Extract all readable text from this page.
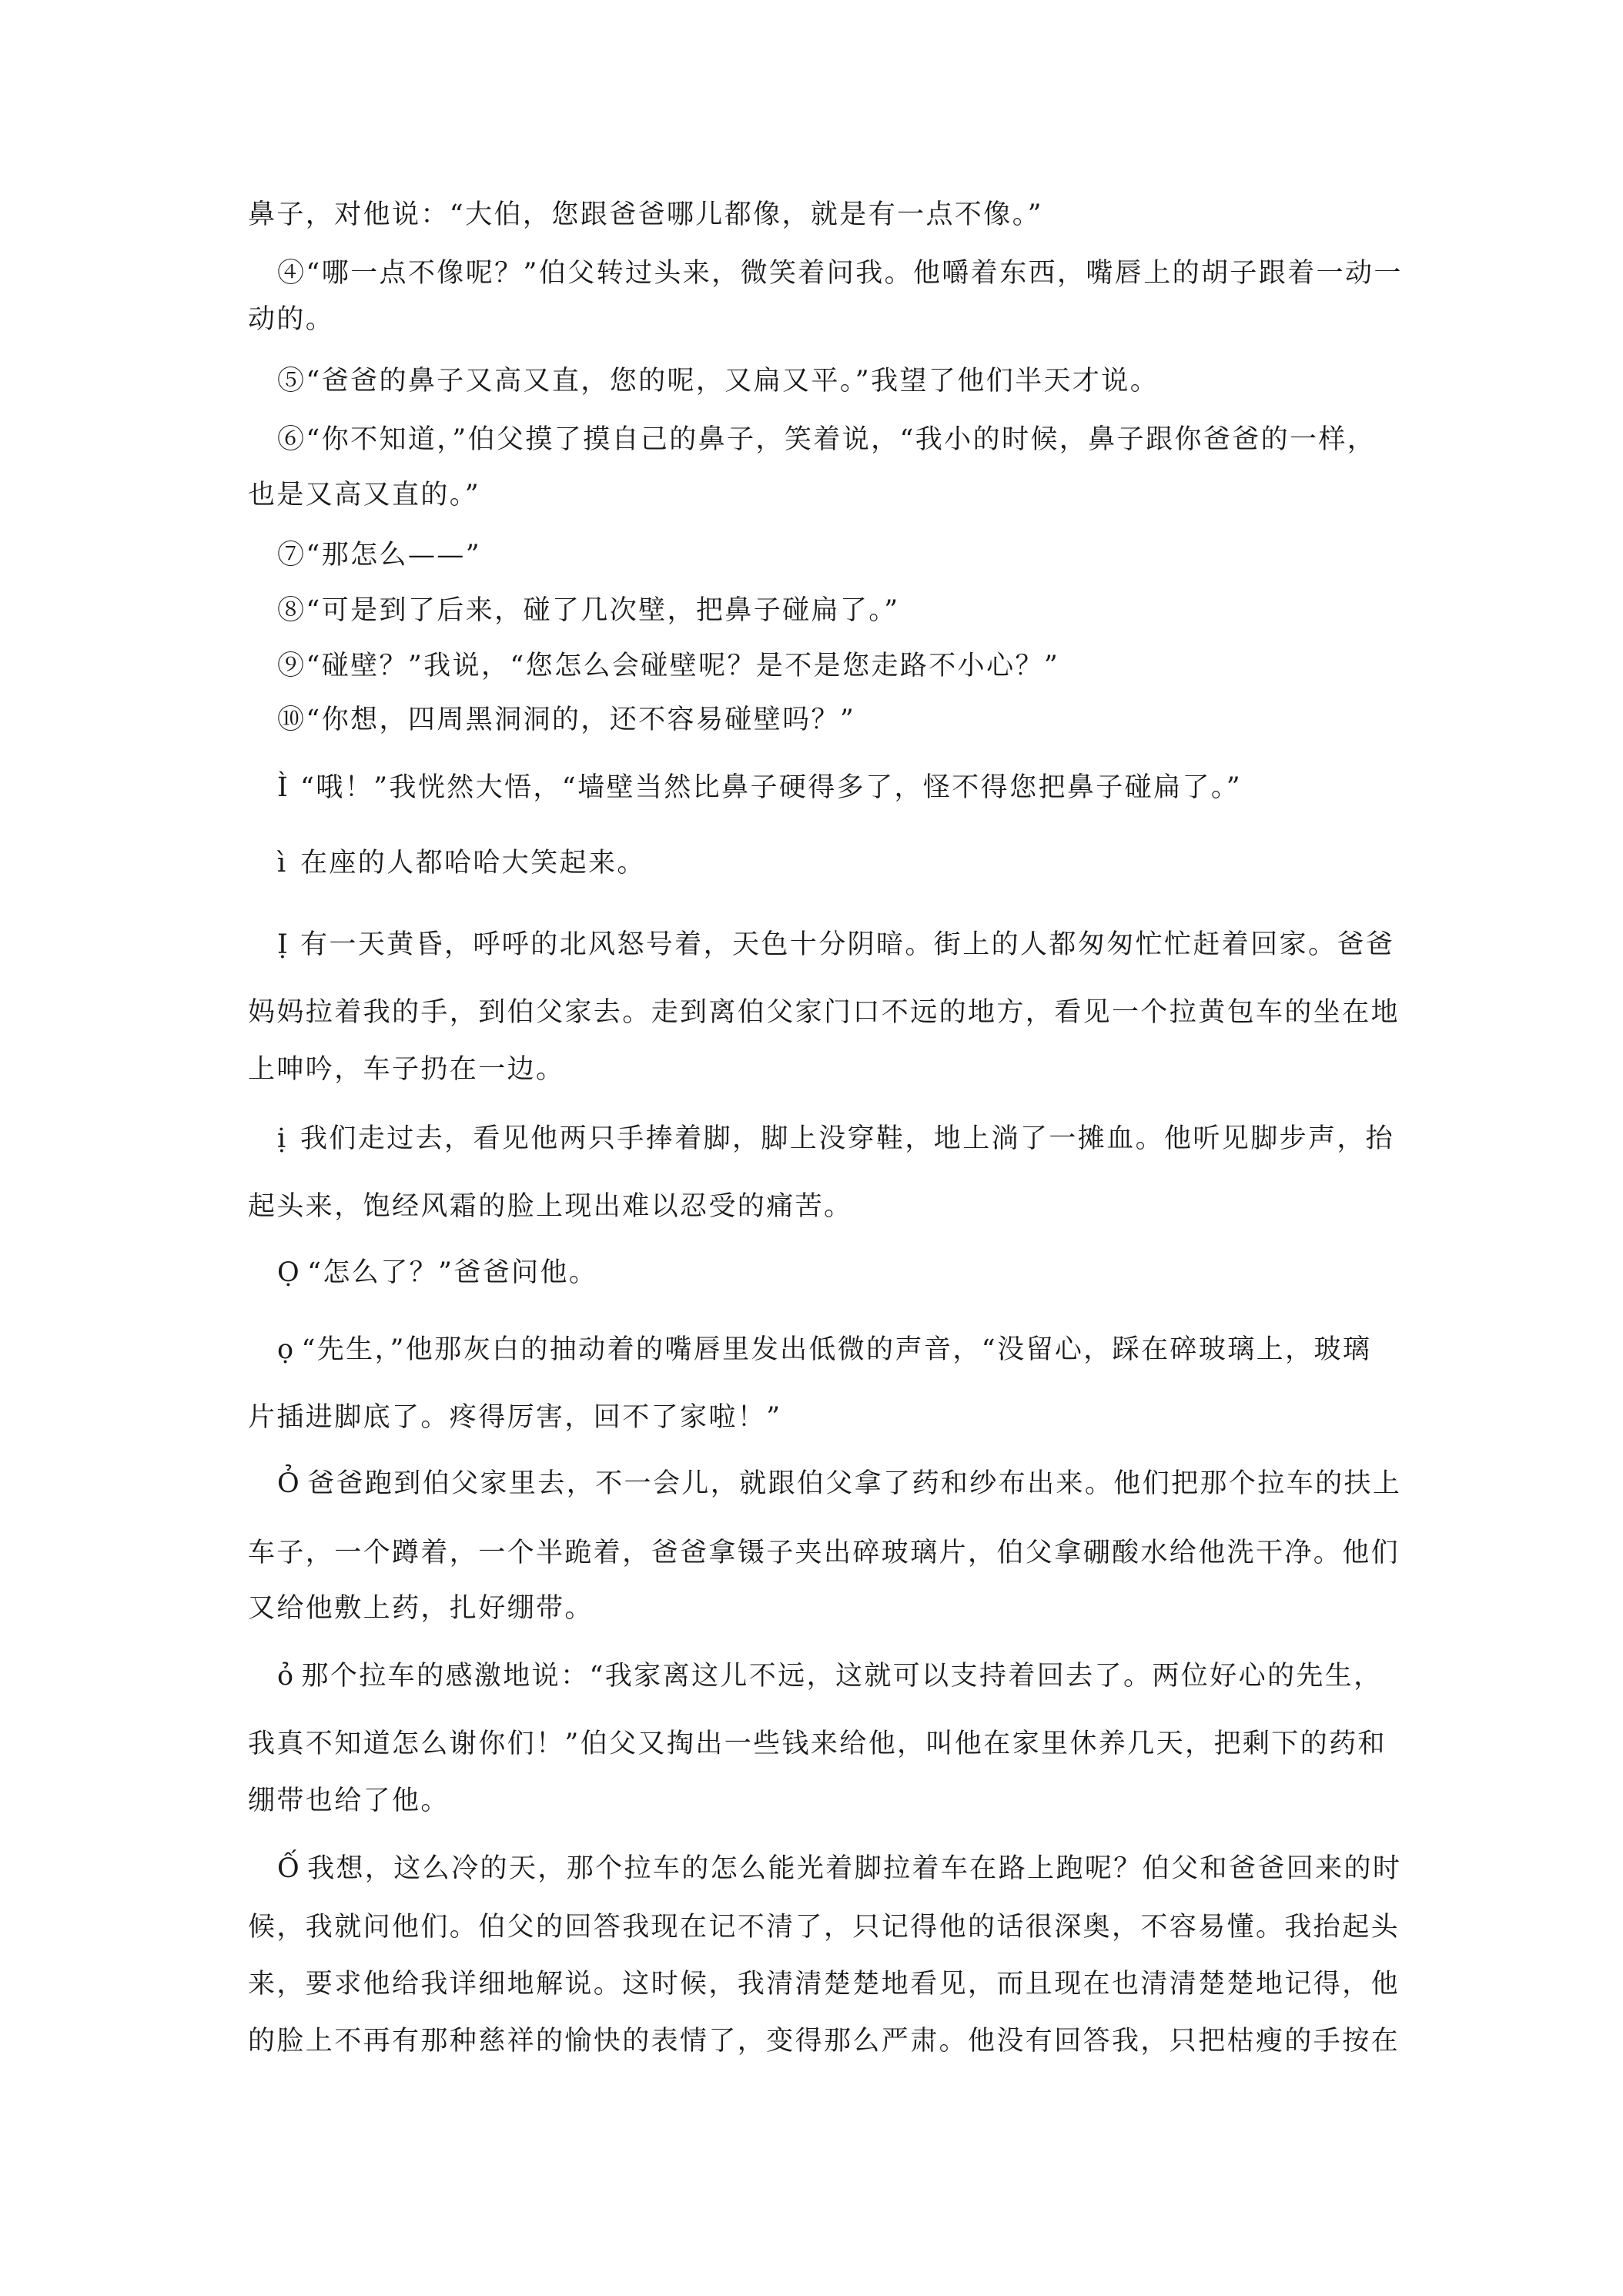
鼻子，对他说：“大伯，您跟爸爸哪儿都像，就是有一点不像。”
④“哪一点不像呢？”伯父转过头来，微笑着问我。他嚼着东西，嘴唇上的胡子跟着一动一
动的。
⑤“爸爸的鼻子又高又直，您的呢，又扁又平。”我望了他们半天才说。
⑥“你不知道，”伯父摸了摸自己的鼻子，笑着说，“我小的时候，鼻子跟你爸爸的一样，
也是又高又直的。”
⑦“那怎么——”
⑧“可是到了后来，碰了几次壁，把鼻子碰扁了。”
⑨“碰壁？”我说，“您怎么会碰壁呢？是不是您走路不小心？”
⑩“你想，四周黑洞洞的，还不容易碰壁吗？”
Ì “哦！”我恍然大悟，“墙壁当然比鼻子硬得多了，怪不得您把鼻子碰扁了。”
ì 在座的人都哈哈大笑起来。
Ị 有一天黄昏，呼呼的北风怒号着，天色十分阴暗。街上的人都匆匆忙忙赶着回家。爸爸
妈妈拉着我的手，到伯父家去。走到离伯父家门口不远的地方，看见一个拉黄包车的坐在地
上呻吟，车子扔在一边。
ị 我们走过去，看见他两只手捧着脚，脚上没穿鞋，地上淌了一摊血。他听见脚步声，抬
起头来，饱经风霜的脸上现出难以忍受的痛苦。
Ọ “怎么了？”爸爸问他。
ọ “先生，”他那灰白的抽动着的嘴唇里发出低微的声音，“没留心，踩在碎玻璃上，玻璃
片插进脚底了。疼得厉害，回不了家啦！”
Ỏ 爸爸跑到伯父家里去，不一会儿，就跟伯父拿了药和纱布出来。他们把那个拉车的扶上
车子，一个蹲着，一个半跪着，爸爸拿镊子夹出碎玻璃片，伯父拿硼酸水给他洗干净。他们
又给他敷上药，扎好绷带。
ỏ 那个拉车的感激地说：“我家离这儿不远，这就可以支持着回去了。两位好心的先生，
我真不知道怎么谢你们！”伯父又掏出一些钱来给他，叫他在家里休养几天，把剩下的药和
绷带也给了他。
Ố 我想，这么冷的天，那个拉车的怎么能光着脚拉着车在路上跑呢？伯父和爸爸回来的时
候，我就问他们。伯父的回答我现在记不清了，只记得他的话很深奥，不容易懂。我抬起头
来，要求他给我详细地解说。这时候，我清清楚楚地看见，而且现在也清清楚楚地记得，他
的脸上不再有那种慈祥的愉快的表情了，变得那么严肃。他没有回答我，只把枯瘦的手按在
